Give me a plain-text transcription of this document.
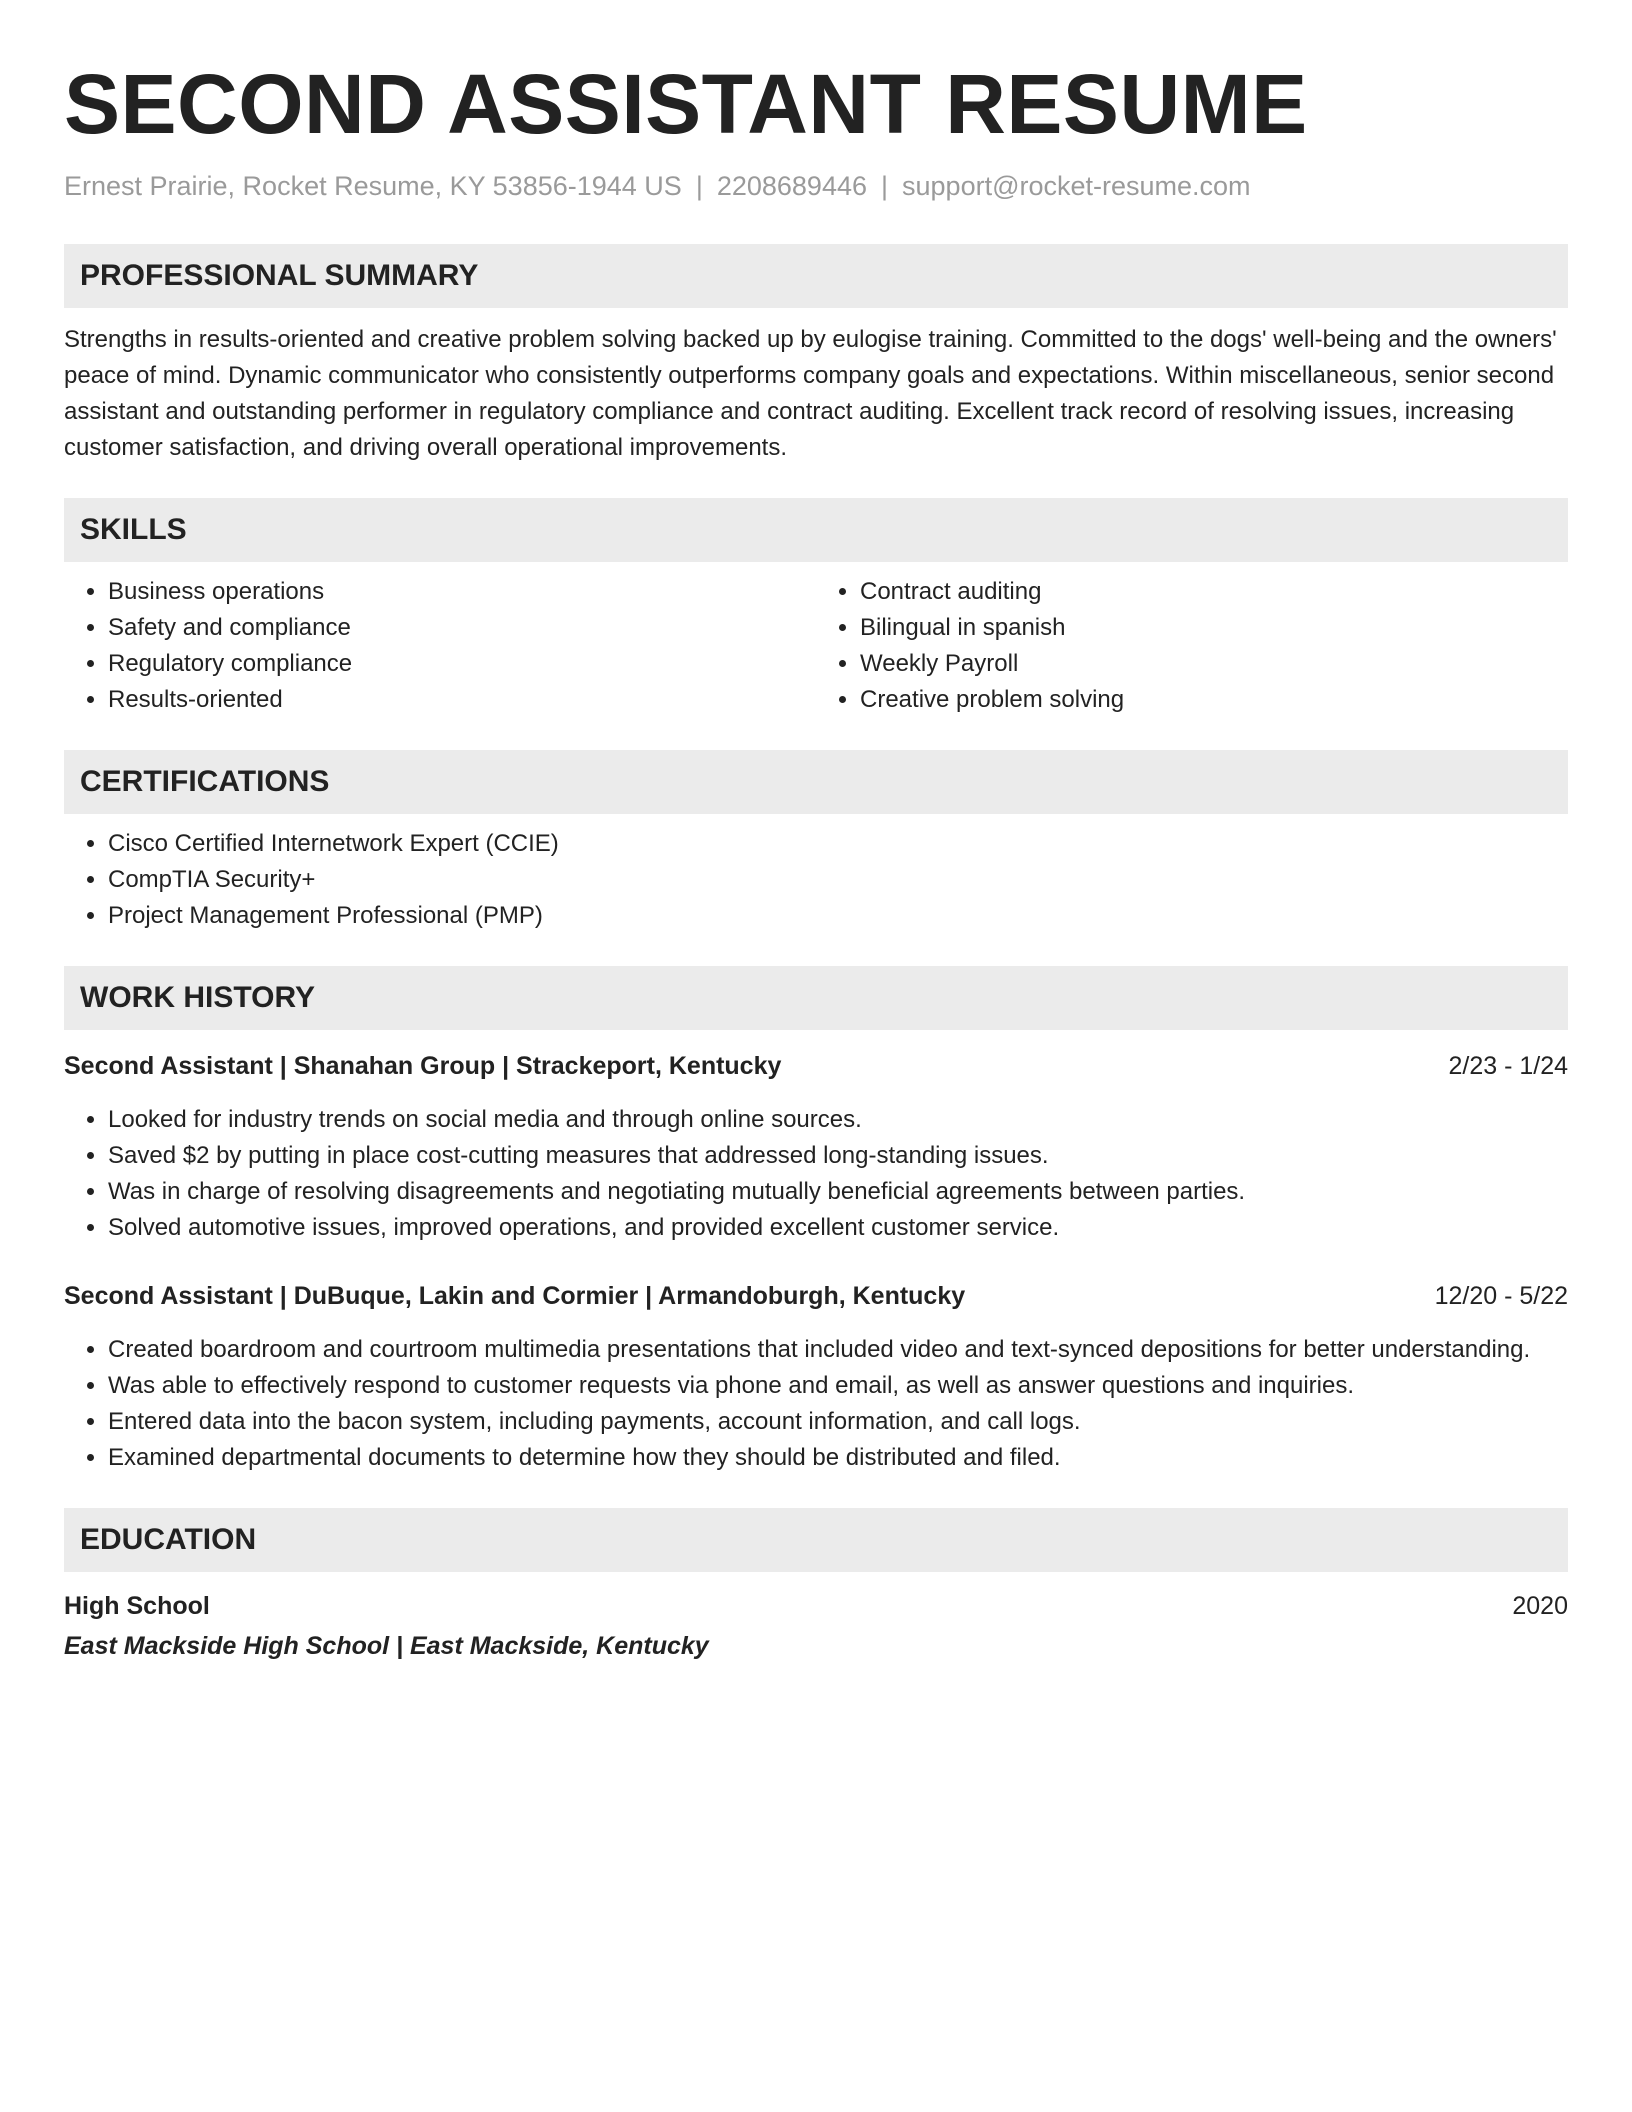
SECOND ASSISTANT RESUME
Ernest Prairie, Rocket Resume, KY 53856-1944 US | 2208689446 | support@rocket-resume.com
PROFESSIONAL SUMMARY

Strengths in results-oriented and creative problem solving backed up by eulogise training. Committed to the dogs' well-being and the owners' peace of mind. Dynamic communicator who consistently outperforms company goals and expectations. Within miscellaneous, senior second assistant and outstanding performer in regulatory compliance and contract auditing. Excellent track record of resolving issues, increasing customer satisfaction, and driving overall operational improvements.

SKILLS
• Business operations
• Safety and compliance
• Regulatory compliance
• Results-oriented
• Contract auditing
• Bilingual in spanish
• Weekly Payroll
• Creative problem solving
CERTIFICATIONS
• Cisco Certified Internetwork Expert (CCIE)
• CompTIA Security+
• Project Management Professional (PMP)
WORK HISTORY
Second Assistant | Shanahan Group | Strackeport, Kentucky	2/23 - 1/24
• Looked for industry trends on social media and through online sources.
• Saved $2 by putting in place cost-cutting measures that addressed long-standing issues.
• Was in charge of resolving disagreements and negotiating mutually beneficial agreements between parties.
• Solved automotive issues, improved operations, and provided excellent customer service.
Second Assistant | DuBuque, Lakin and Cormier | Armandoburgh, Kentucky	12/20 - 5/22
• Created boardroom and courtroom multimedia presentations that included video and text-synced depositions for better understanding.
• Was able to effectively respond to customer requests via phone and email, as well as answer questions and inquiries.
• Entered data into the bacon system, including payments, account information, and call logs.
• Examined departmental documents to determine how they should be distributed and filed.
EDUCATION
High School	2020
East Mackside High School | East Mackside, Kentucky
